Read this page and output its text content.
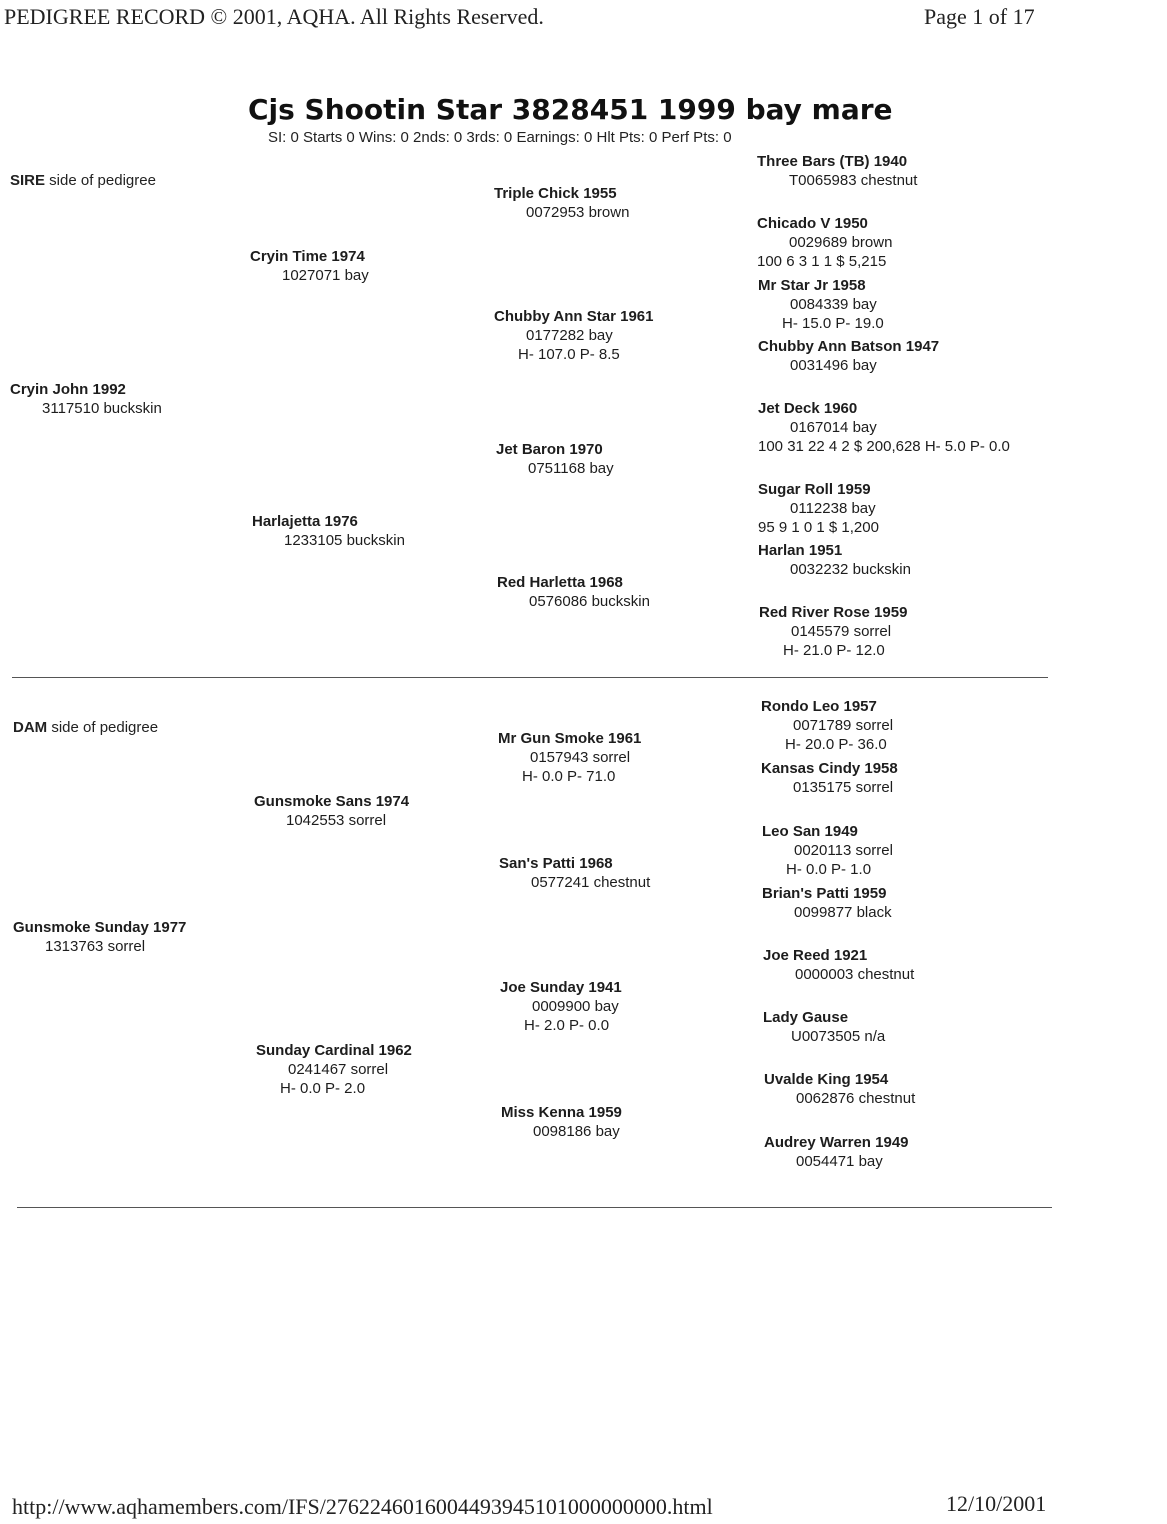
PEDIGREE RECORD © 2001, AQHA. All Rights Reserved.	Page 1 of 17
Cjs Shootin Star 3828451 1999 bay mare
SI: 0 Starts 0 Wins: 0 2nds: 0 3rds: 0 Earnings: 0 Hlt Pts: 0 Perf Pts: 0
SIRE side of pedigree
DAM side of pedigree
Cryin John 1992
3117510 buckskin
Cryin Time 1974
1027071 bay
Harlajetta 1976
1233105 buckskin
Triple Chick 1955
0072953 brown
Chubby Ann Star 1961
0177282 bay
H- 107.0 P- 8.5
Jet Baron 1970
0751168 bay
Red Harletta 1968
0576086 buckskin
Three Bars (TB) 1940
T0065983 chestnut
Chicado V 1950
0029689 brown
100 6 3 1 1 $ 5,215
Mr Star Jr 1958
0084339 bay
H- 15.0 P- 19.0
Chubby Ann Batson 1947
0031496 bay
Jet Deck 1960
0167014 bay
100 31 22 4 2 $ 200,628 H- 5.0 P- 0.0
Sugar Roll 1959
0112238 bay
95 9 1 0 1 $ 1,200
Harlan 1951
0032232 buckskin
Red River Rose 1959
0145579 sorrel
H- 21.0 P- 12.0
Gunsmoke Sunday 1977
1313763 sorrel
Gunsmoke Sans 1974
1042553 sorrel
Sunday Cardinal 1962
0241467 sorrel
H- 0.0 P- 2.0
Mr Gun Smoke 1961
0157943 sorrel
H- 0.0 P- 71.0
San's Patti 1968
0577241 chestnut
Joe Sunday 1941
0009900 bay
H- 2.0 P- 0.0
Miss Kenna 1959
0098186 bay
Rondo Leo 1957
0071789 sorrel
H- 20.0 P- 36.0
Kansas Cindy 1958
0135175 sorrel
Leo San 1949
0020113 sorrel
H- 0.0 P- 1.0
Brian's Patti 1959
0099877 black
Joe Reed 1921
0000003 chestnut
Lady Gause
U0073505 n/a
Uvalde King 1954
0062876 chestnut
Audrey Warren 1949
0054471 bay
http://www.aqhamembers.com/IFS/2762246016004493945101000000000.html	12/10/2001
